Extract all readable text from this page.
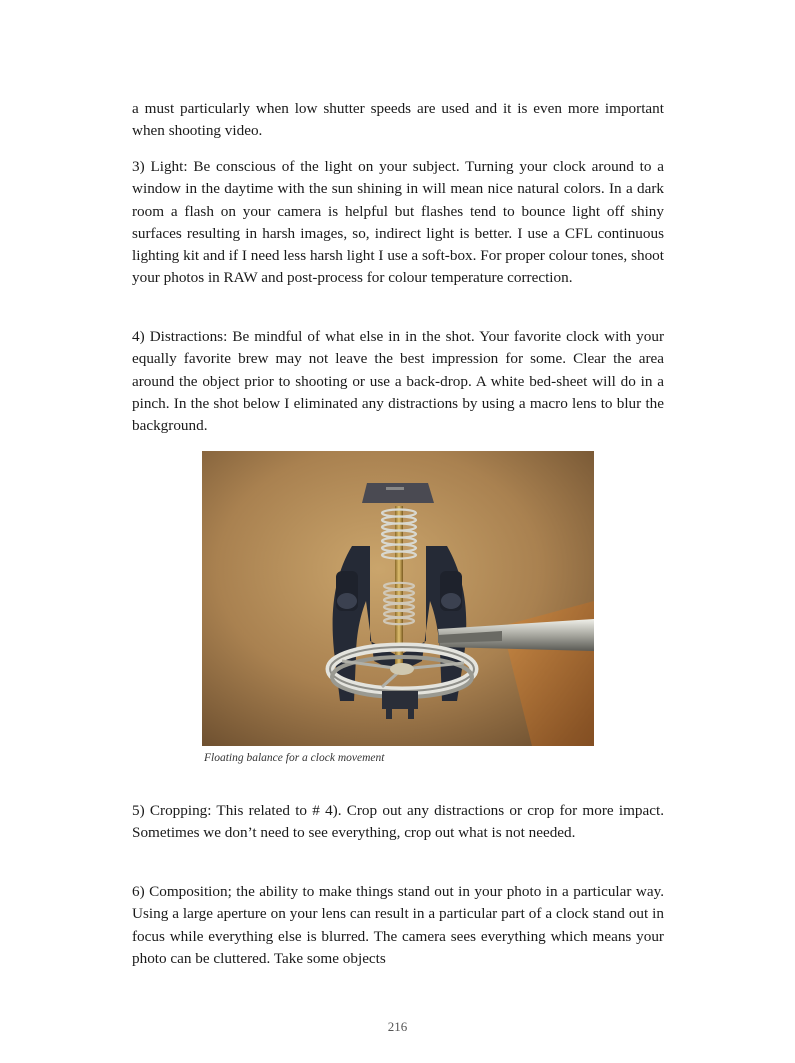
a must particularly when low shutter speeds are used and it is even more important when shooting video.

3) Light: Be conscious of the light on your subject. Turning your clock around to a window in the daytime with the sun shining in will mean nice natural colors. In a dark room a flash on your camera is helpful but flashes tend to bounce light off shiny surfaces resulting in harsh images, so, indirect light is better. I use a CFL continuous lighting kit and if I need less harsh light I use a soft-box. For proper colour tones, shoot your photos in RAW and post-process for colour temperature correction.

4) Distractions: Be mindful of what else in in the shot. Your favorite clock with your equally favorite brew may not leave the best impression for some. Clear the area around the object prior to shooting or use a back-drop. A white bed-sheet will do in a pinch. In the shot below I eliminated any distractions by using a macro lens to blur the background.

Floating balance for a clock movement

5) Cropping: This related to # 4). Crop out any distractions or crop for more impact. Sometimes we don’t need to see everything, crop out what is not needed.

6) Composition; the ability to make things stand out in your photo in a particular way. Using a large aperture on your lens can result in a particular part of a clock stand out in focus while everything else is blurred. The camera sees everything which means your photo can be cluttered. Take some objects

216
